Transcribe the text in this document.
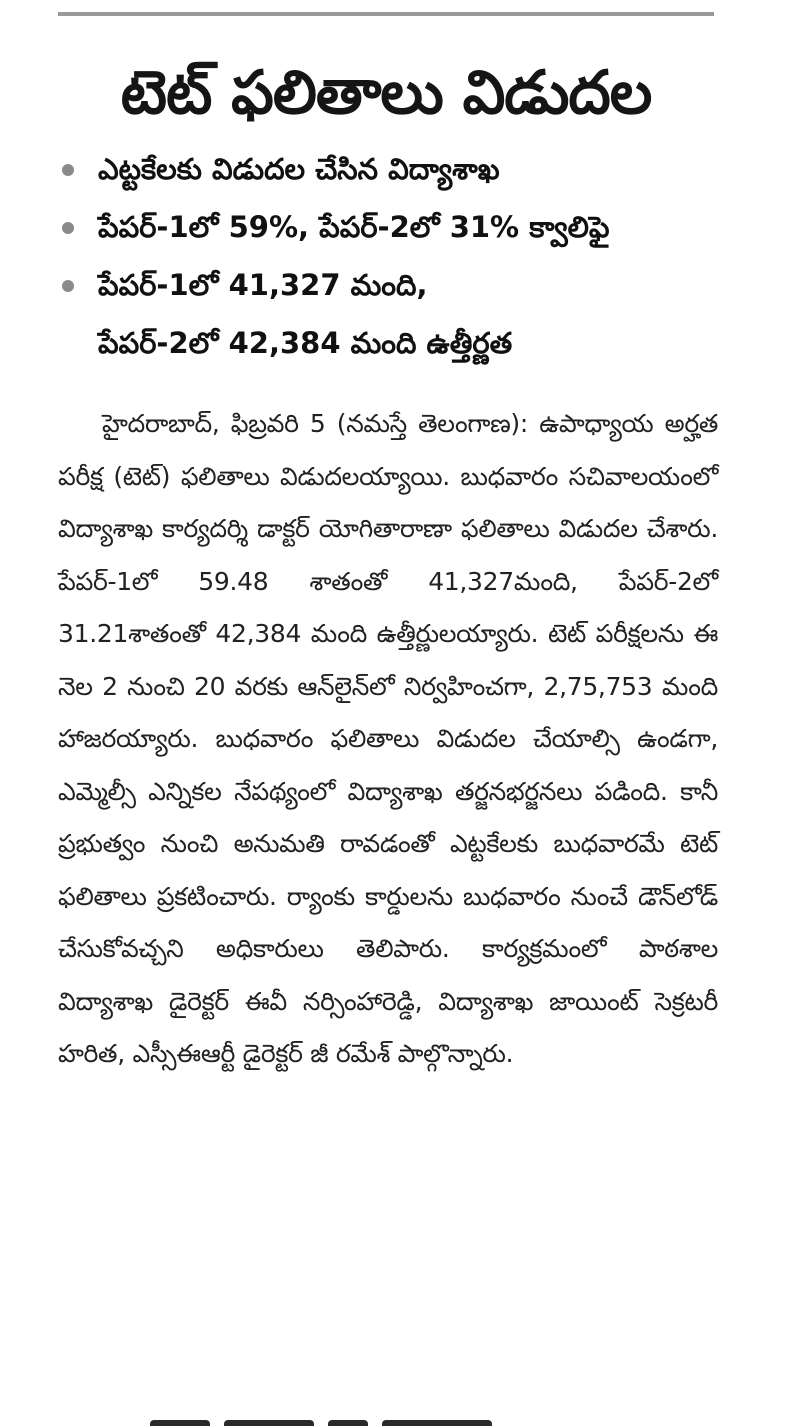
టెట్ ఫలితాలు విడుదల
ఎట్టకేలకు విడుదల చేసిన విద్యాశాఖ
పేపర్-1లో 59%, పేపర్-2లో 31% క్వాలిఫై
పేపర్-1లో 41,327 మంది,
పేపర్-2లో 42,384 మంది ఉత్తీర్ణత

హైదరాబాద్, ఫిబ్రవరి 5 (నమస్తే తెలంగాణ): ఉపాధ్యాయ అర్హత పరీక్ష (టెట్) ఫలితాలు విడుదలయ్యాయి. బుధవారం సచివాలయంలో విద్యాశాఖ కార్యదర్శి డాక్టర్ యోగితారాణా ఫలితాలు విడుదల చేశారు. పేపర్-1లో 59.48 శాతంతో 41,327మంది, పేపర్-2లో 31.21శాతంతో 42,384 మంది ఉత్తీర్ణులయ్యారు. టెట్ పరీక్షలను ఈ నెల 2 నుంచి 20 వరకు ఆన్‌లైన్‌లో నిర్వహించగా, 2,75,753 మంది హాజరయ్యారు. బుధవారం ఫలితాలు విడుదల చేయాల్సి ఉండగా, ఎమ్మెల్సీ ఎన్నికల నేపథ్యంలో విద్యాశాఖ తర్జనభర్జనలు పడింది. కానీ ప్రభుత్వం నుంచి అనుమతి రావడంతో ఎట్టకేలకు బుధవారమే టెట్ ఫలితాలు ప్రకటించారు. ర్యాంకు కార్డులను బుధవారం నుంచే డౌన్‌లోడ్ చేసుకోవచ్చని అధికారులు తెలిపారు. కార్యక్రమంలో పాఠశాల విద్యాశాఖ డైరెక్టర్ ఈవీ నర్సింహారెడ్డి, విద్యాశాఖ జాయింట్ సెక్రటరీ హరిత, ఎస్సీఈఆర్టీ డైరెక్టర్ జీ రమేశ్ పాల్గొన్నారు.
